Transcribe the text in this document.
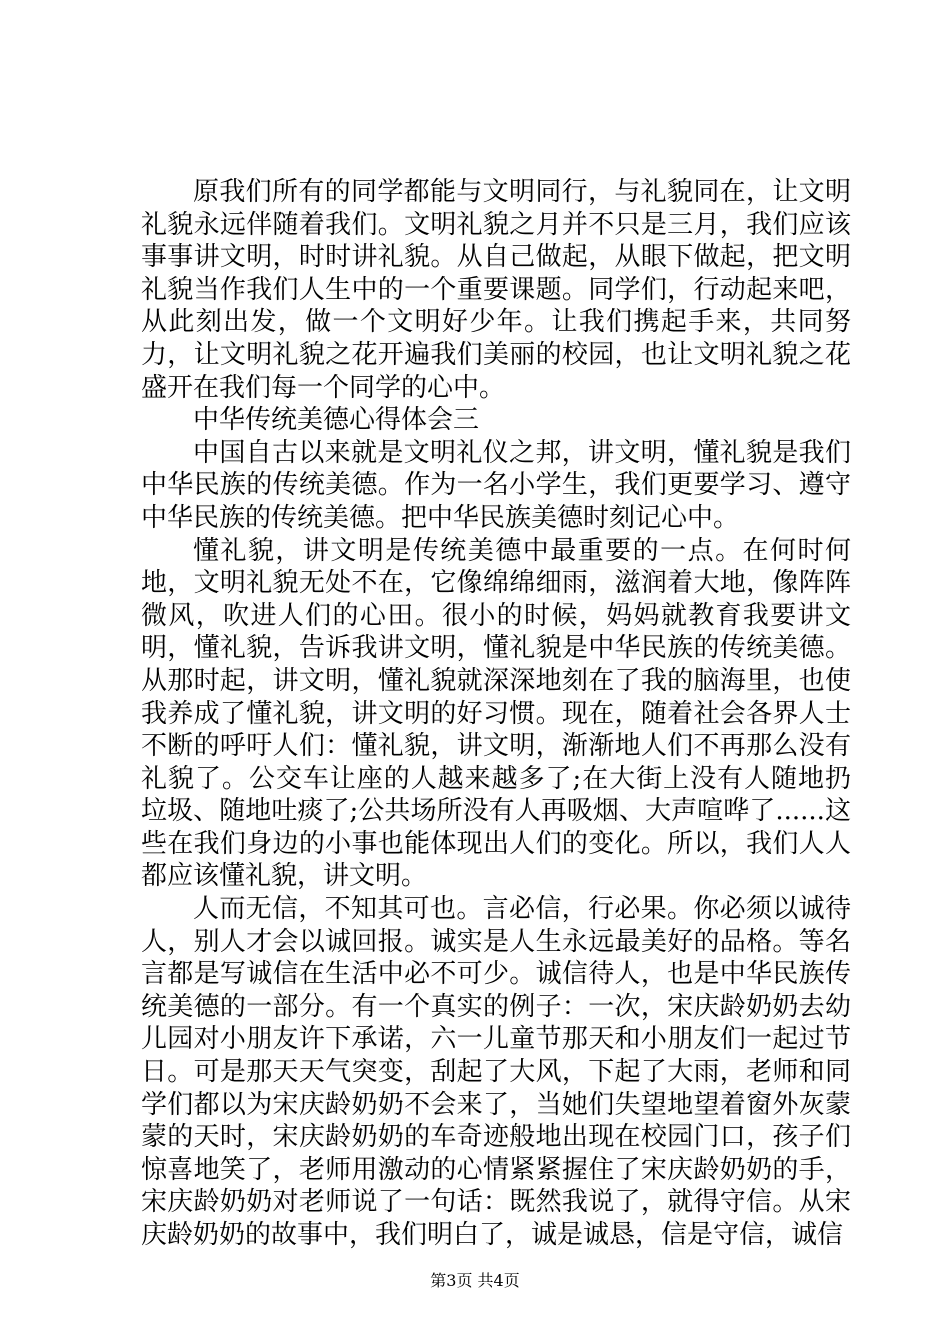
原我们所有的同学都能与文明同行，与礼貌同在，让文明礼貌永远伴随着我们。文明礼貌之月并不只是三月，我们应该事事讲文明，时时讲礼貌。从自己做起，从眼下做起，把文明礼貌当作我们人生中的一个重要课题。同学们，行动起来吧，从此刻出发，做一个文明好少年。让我们携起手来，共同努力，让文明礼貌之花开遍我们美丽的校园，也让文明礼貌之花盛开在我们每一个同学的心中。

中华传统美德心得体会三

中国自古以来就是文明礼仪之邦，讲文明，懂礼貌是我们中华民族的传统美德。作为一名小学生，我们更要学习、遵守中华民族的传统美德。把中华民族美德时刻记心中。

懂礼貌，讲文明是传统美德中最重要的一点。在何时何地，文明礼貌无处不在，它像绵绵细雨，滋润着大地，像阵阵微风，吹进人们的心田。很小的时候，妈妈就教育我要讲文明，懂礼貌，告诉我讲文明，懂礼貌是中华民族的传统美德。从那时起，讲文明，懂礼貌就深深地刻在了我的脑海里，也使我养成了懂礼貌，讲文明的好习惯。现在，随着社会各界人士不断的呼吁人们：懂礼貌，讲文明，渐渐地人们不再那么没有礼貌了。公交车让座的人越来越多了;在大街上没有人随地扔垃圾、随地吐痰了;公共场所没有人再吸烟、大声喧哗了......这些在我们身边的小事也能体现出人们的变化。所以，我们人人都应该懂礼貌，讲文明。

人而无信，不知其可也。言必信，行必果。你必须以诚待人，别人才会以诚回报。诚实是人生永远最美好的品格。等名言都是写诚信在生活中必不可少。诚信待人，也是中华民族传统美德的一部分。有一个真实的例子：一次，宋庆龄奶奶去幼儿园对小朋友许下承诺，六一儿童节那天和小朋友们一起过节日。可是那天天气突变，刮起了大风，下起了大雨，老师和同学们都以为宋庆龄奶奶不会来了，当她们失望地望着窗外灰蒙蒙的天时，宋庆龄奶奶的车奇迹般地出现在校园门口，孩子们惊喜地笑了，老师用激动的心情紧紧握住了宋庆龄奶奶的手，宋庆龄奶奶对老师说了一句话：既然我说了，就得守信。从宋庆龄奶奶的故事中，我们明白了，诚是诚恳，信是守信，诚信

第3页 共4页
